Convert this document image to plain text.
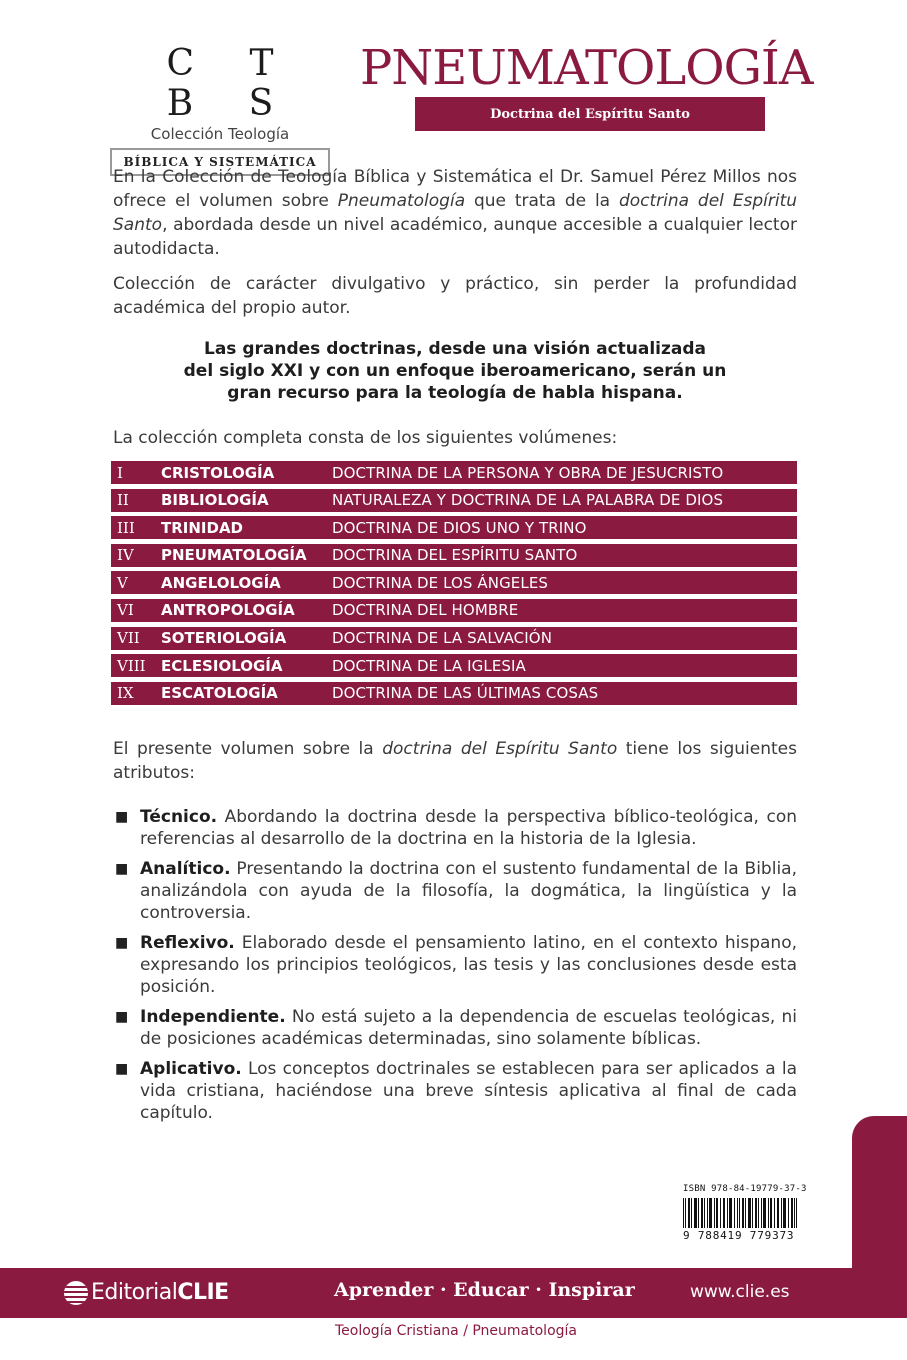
C T B S
Colección Teología
BÍBLICA Y SISTEMÁTICA
PNEUMATOLOGÍA
Doctrina del Espíritu Santo

En la Colección de Teología Bíblica y Sistemática el Dr. Samuel Pérez Millos nos ofrece el volumen sobre Pneumatología que trata de la doctrina del Espíritu Santo, abordada desde un nivel académico, aunque accesible a cualquier lector autodidacta.

Colección de carácter divulgativo y práctico, sin perder la profundidad académica del propio autor.

Las grandes doctrinas, desde una visión actualizada
del siglo XXI y con un enfoque iberoamericano, serán un
gran recurso para la teología de habla hispana.

La colección completa consta de los siguientes volúmenes:

I	CRISTOLOGÍA	DOCTRINA DE LA PERSONA Y OBRA DE JESUCRISTO
II	BIBLIOLOGÍA	NATURALEZA Y DOCTRINA DE LA PALABRA DE DIOS
III	TRINIDAD	DOCTRINA DE DIOS UNO Y TRINO
IV	PNEUMATOLOGÍA	DOCTRINA DEL ESPÍRITU SANTO
V	ANGELOLOGÍA	DOCTRINA DE LOS ÁNGELES
VI	ANTROPOLOGÍA	DOCTRINA DEL HOMBRE
VII	SOTERIOLOGÍA	DOCTRINA DE LA SALVACIÓN
VIII	ECLESIOLOGÍA	DOCTRINA DE LA IGLESIA
IX	ESCATOLOGÍA	DOCTRINA DE LAS ÚLTIMAS COSAS

El presente volumen sobre la doctrina del Espíritu Santo tiene los siguientes atributos:

■ Técnico. Abordando la doctrina desde la perspectiva bíblico-teológica, con referencias al desarrollo de la doctrina en la historia de la Iglesia.

■ Analítico. Presentando la doctrina con el sustento fundamental de la Biblia, analizándola con ayuda de la filosofía, la dogmática, la lingüística y la controversia.

■ Reflexivo. Elaborado desde el pensamiento latino, en el contexto hispano, expresando los principios teológicos, las tesis y las conclusiones desde esta posición.

■ Independiente. No está sujeto a la dependencia de escuelas teológicas, ni de posiciones académicas determinadas, sino solamente bíblicas.

■ Aplicativo. Los conceptos doctrinales se establecen para ser aplicados a la vida cristiana, haciéndose una breve síntesis aplicativa al final de cada capítulo.

ISBN 978-84-19779-37-3
9 788419 779373
Editorial CLIE	Aprender · Educar · Inspirar	www.clie.es
Teología Cristiana / Pneumatología
